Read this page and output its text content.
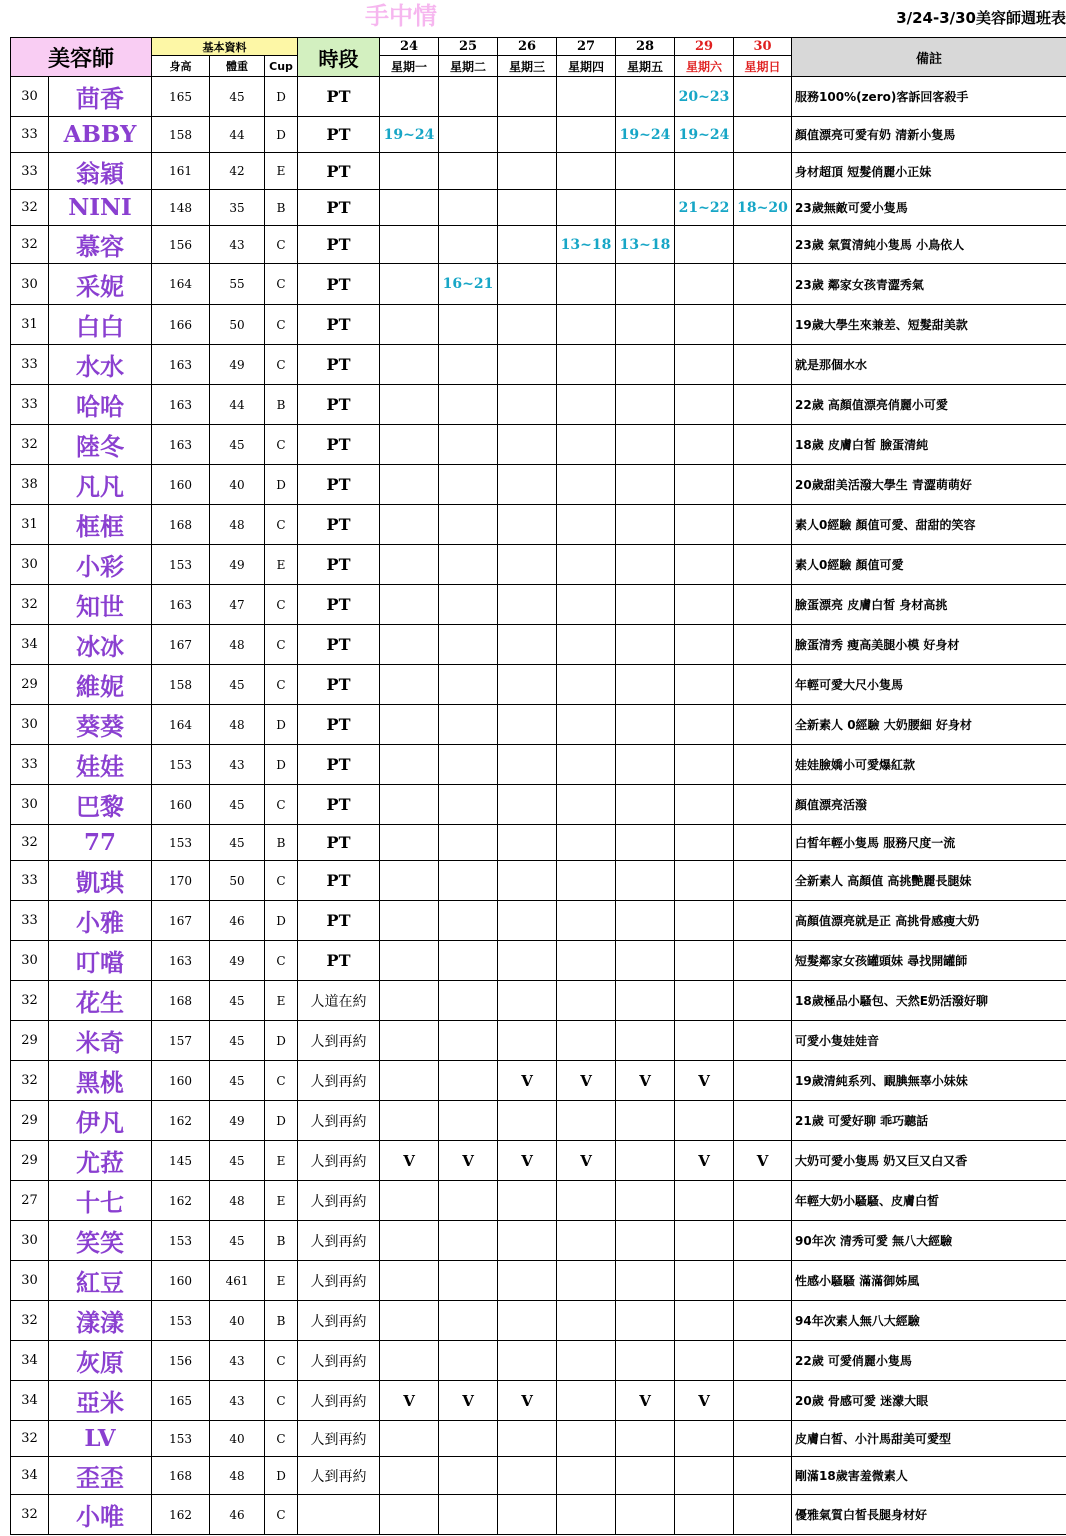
手中情	3/24-3/30美容師週班表
美容師		基本資料			時段	24	25	26	27	28	29	30	備註
		身高	體重	Cup		星期一	星期二	星期三	星期四	星期五	星期六	星期日	
30	茴香	165	45	D	PT						20~23		服務100%(zero)客訴回客殺手
33	ABBY	158	44	D	PT	19~24				19~24	19~24		顏值漂亮可愛有奶 清新小隻馬
33	翁穎	161	42	E	PT								身材超頂 短髮俏麗小正妹
32	NINI	148	35	B	PT						21~22	18~20	23歲無敵可愛小隻馬
32	慕容	156	43	C	PT				13~18	13~18			23歲 氣質清純小隻馬 小鳥依人
30	采妮	164	55	C	PT		16~21						23歲 鄰家女孩青澀秀氣
31	白白	166	50	C	PT								19歲大學生來兼差、短髮甜美款
33	水水	163	49	C	PT								就是那個水水
33	哈哈	163	44	B	PT								22歲 高顏值漂亮俏麗小可愛
32	陸冬	163	45	C	PT								18歲 皮膚白皙 臉蛋清純
38	凡凡	160	40	D	PT								20歲甜美活潑大學生 青澀萌萌好
31	框框	168	48	C	PT								素人0經驗 顏值可愛、甜甜的笑容
30	小彩	153	49	E	PT								素人0經驗 顏值可愛
32	知世	163	47	C	PT								臉蛋漂亮 皮膚白皙 身材高挑
34	冰冰	167	48	C	PT								臉蛋清秀 瘦高美腿小模 好身材
29	維妮	158	45	C	PT								年輕可愛大尺小隻馬
30	葵葵	164	48	D	PT								全新素人 0經驗 大奶腰細 好身材
33	娃娃	153	43	D	PT								娃娃臉嬌小可愛爆紅款
30	巴黎	160	45	C	PT								顏值漂亮活潑
32	77	153	45	B	PT								白皙年輕小隻馬 服務尺度一流
33	凱琪	170	50	C	PT								全新素人 高顏值 高挑艷麗長腿妹
33	小雅	167	46	D	PT								高顏值漂亮就是正 高挑骨感瘦大奶
30	叮噹	163	49	C	PT								短髮鄰家女孩罐頭妹 尋找開罐師
32	花生	168	45	E	人道在約								18歲極品小騷包、天然E奶活潑好聊
29	米奇	157	45	D	人到再約								可愛小隻娃娃音
32	黑桃	160	45	C	人到再約			V	V	V	V		19歲清純系列、靦腆無辜小妹妹
29	伊凡	162	49	D	人到再約								21歲 可愛好聊 乖巧聽話
29	尤菈	145	45	E	人到再約	V	V	V	V		V	V	大奶可愛小隻馬 奶又巨又白又香
27	十七	162	48	E	人到再約								年輕大奶小騷騷、皮膚白皙
30	笑笑	153	45	B	人到再約								90年次 清秀可愛 無八大經驗
30	紅豆	160	461	E	人到再約								性感小騷騷 滿滿御姊風
32	漾漾	153	40	B	人到再約								94年次素人無八大經驗
34	灰原	156	43	C	人到再約								22歲 可愛俏麗小隻馬
34	亞米	165	43	C	人到再約	V	V	V		V	V		20歲 骨感可愛 迷濛大眼
32	LV	153	40	C	人到再約								皮膚白皙、小汁馬甜美可愛型
34	歪歪	168	48	D	人到再約								剛滿18歲害羞微素人
32	小唯	162	46	C									優雅氣質白皙長腿身材好
